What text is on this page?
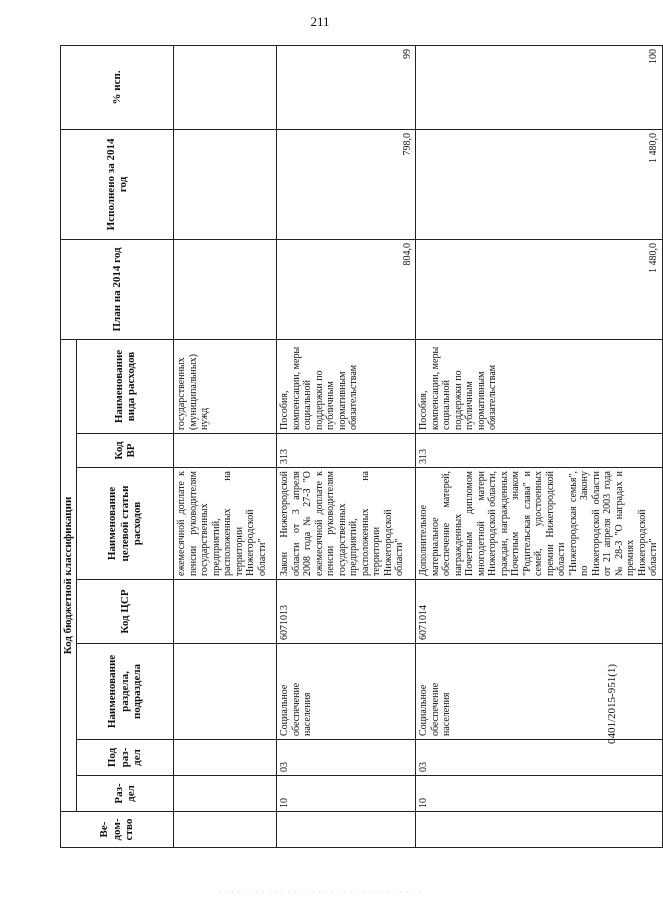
211
Ве-дом-ство	Код бюджетной классификации							План на 2014 год	Исполнено за 2014 год	% исп.
	Раз-дел	Под раз-дел	Наименование раздела, подраздела	Код ЦСР	Наименование целевой статьи расходов	Код ВР	Наименование вида расходов			
					ежемесячной доплате к пенсии руководителям государственных предприятий, расположенных на территории Нижегородской области"		государственных (муниципальных) нужд			
	10	03	Социальное обеспечение населения	6071013	Закон Нижегородской области от 3 апреля 2008 года № 27-З "О ежемесячной доплате к пенсии руководителям государственных предприятий, расположенных на территории Нижегородской области"	313	Пособия, компенсации, меры социальной поддержки по публичным нормативным обязательствам	804,0	798,0	99
	10	03	Социальное обеспечение населения	6071014	Дополнительное материальное обеспечение матерей, награжденных Почетным дипломом многодетной матери Нижегородской области, граждан, награжденных Почетным знаком "Родительская слава" и семей, удостоенных премии Нижегородской области "Нижегородская семья", по Закону Нижегородской области от 21 апреля 2003 года № 28-З "О наградах и премиях Нижегородской области"	313	Пособия, компенсации, меры социальной поддержки по публичным нормативным обязательствам	1 480,0	1 480,0	100
0401/2015-951(1)
· · · · · · · · · · · · · · · · · · · · · · · · · · · · · · · · ·
